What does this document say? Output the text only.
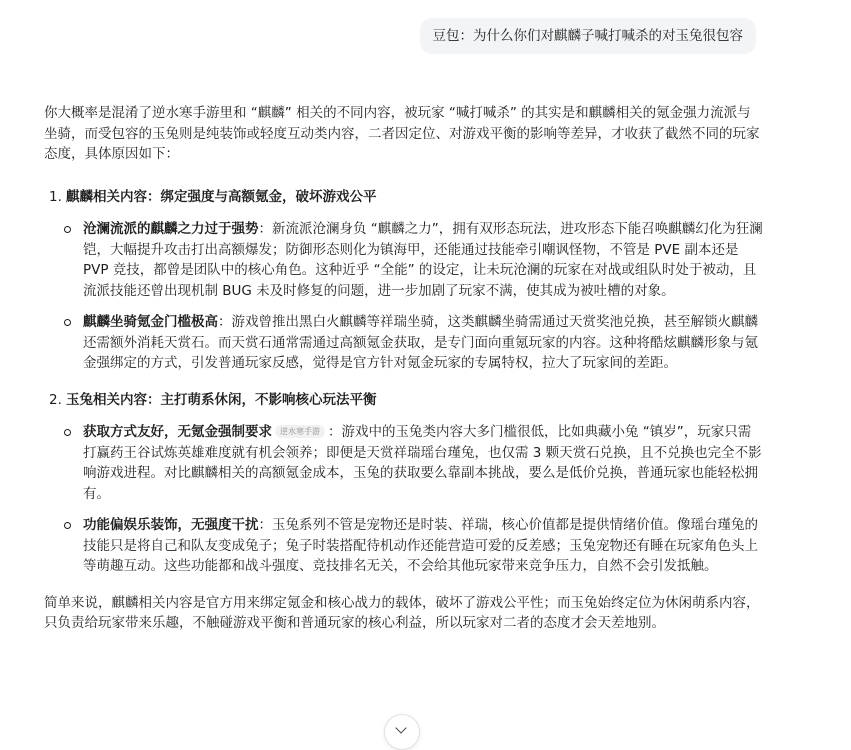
豆包：为什么你们对麒麟子喊打喊杀的对玉兔很包容

你大概率是混淆了逆水寒手游里和 “麒麟” 相关的不同内容，被玩家 “喊打喊杀” 的其实是和麒麟相关的氪金强力流派与坐骑，而受包容的玉兔则是纯装饰或轻度互动类内容，二者因定位、对游戏平衡的影响等差异，才收获了截然不同的玩家态度，具体原因如下：

1. 麒麟相关内容：绑定强度与高额氪金，破坏游戏公平
沧澜流派的麒麟之力过于强势：新流派沧澜身负 “麒麟之力”，拥有双形态玩法，进攻形态下能召唤麒麟幻化为狂澜铠，大幅提升攻击打出高额爆发；防御形态则化为镇海甲，还能通过技能牵引嘲讽怪物，不管是 PVE 副本还是 PVP 竞技，都曾是团队中的核心角色。这种近乎 “全能” 的设定，让未玩沧澜的玩家在对战或组队时处于被动，且流派技能还曾出现机制 BUG 未及时修复的问题，进一步加剧了玩家不满，使其成为被吐槽的对象。
麒麟坐骑氪金门槛极高：游戏曾推出黑白火麒麟等祥瑞坐骑，这类麒麟坐骑需通过天赏奖池兑换，甚至解锁火麒麟还需额外消耗天赏石。而天赏石通常需通过高额氪金获取，是专门面向重氪玩家的内容。这种将酷炫麒麟形象与氪金强绑定的方式，引发普通玩家反感，觉得是官方针对氪金玩家的专属特权，拉大了玩家间的差距。
2. 玉兔相关内容：主打萌系休闲，不影响核心玩法平衡
获取方式友好，无氪金强制要求 逆水寒手游 ：游戏中的玉兔类内容大多门槛很低，比如典藏小兔 “镇岁”，玩家只需打赢药王谷试炼英雄难度就有机会领养；即便是天赏祥瑞瑶台瑾兔，也仅需 3 颗天赏石兑换，且不兑换也完全不影响游戏进程。对比麒麟相关的高额氪金成本，玉兔的获取要么靠副本挑战，要么是低价兑换，普通玩家也能轻松拥有。
功能偏娱乐装饰，无强度干扰：玉兔系列不管是宠物还是时装、祥瑞，核心价值都是提供情绪价值。像瑶台瑾兔的技能只是将自己和队友变成兔子；兔子时装搭配待机动作还能营造可爱的反差感；玉兔宠物还有睡在玩家角色头上等萌趣互动。这些功能都和战斗强度、竞技排名无关，不会给其他玩家带来竞争压力，自然不会引发抵触。

简单来说，麒麟相关内容是官方用来绑定氪金和核心战力的载体，破坏了游戏公平性；而玉兔始终定位为休闲萌系内容，只负责给玩家带来乐趣，不触碰游戏平衡和普通玩家的核心利益，所以玩家对二者的态度才会天差地别。
